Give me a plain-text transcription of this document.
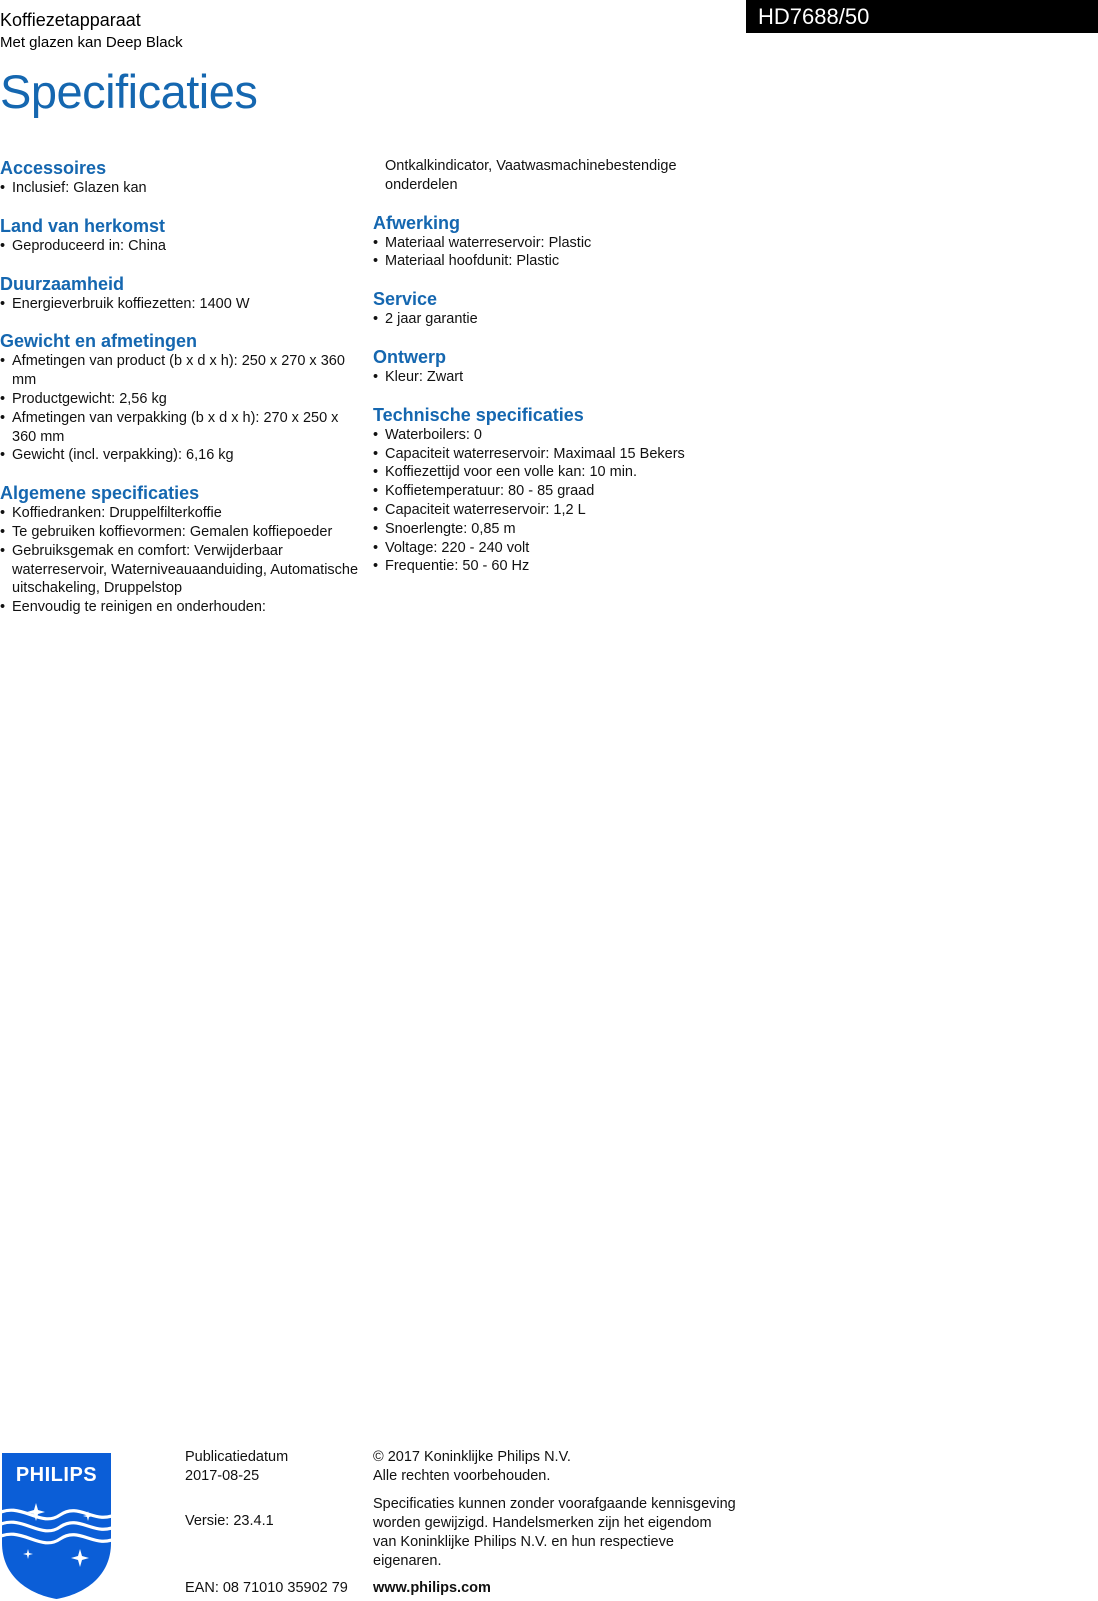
Koffiezetapparaat
Met glazen kan Deep Black
HD7688/50
Specificaties
Accessoires
• Inclusief: Glazen kan
Land van herkomst
• Geproduceerd in: China
Duurzaamheid
• Energieverbruik koffiezetten: 1400 W
Gewicht en afmetingen
• Afmetingen van product (b x d x h): 250 x 270 x 360 mm
• Productgewicht: 2,56 kg
• Afmetingen van verpakking (b x d x h): 270 x 250 x 360 mm
• Gewicht (incl. verpakking): 6,16 kg
Algemene specificaties
• Koffiedranken: Druppelfilterkoffie
• Te gebruiken koffievormen: Gemalen koffiepoeder
• Gebruiksgemak en comfort: Verwijderbaar waterreservoir, Waterniveauaanduiding, Automatische uitschakeling, Druppelstop
• Eenvoudig te reinigen en onderhouden:
Ontkalkindicator, Vaatwasmachinebestendige onderdelen
Afwerking
• Materiaal waterreservoir: Plastic
• Materiaal hoofdunit: Plastic
Service
• 2 jaar garantie
Ontwerp
• Kleur: Zwart
Technische specificaties
• Waterboilers: 0
• Capaciteit waterreservoir: Maximaal 15 Bekers
• Koffiezettijd voor een volle kan: 10 min.
• Koffietemperatuur: 80 - 85 graad
• Capaciteit waterreservoir: 1,2 L
• Snoerlengte: 0,85 m
• Voltage: 220 - 240 volt
• Frequentie: 50 - 60 Hz
PHILIPS
Publicatiedatum
2017-08-25
Versie: 23.4.1
EAN: 08 71010 35902 79
© 2017 Koninklijke Philips N.V.
Alle rechten voorbehouden.
Specificaties kunnen zonder voorafgaande kennisgeving
worden gewijzigd. Handelsmerken zijn het eigendom
van Koninklijke Philips N.V. en hun respectieve
eigenaren.
www.philips.com
